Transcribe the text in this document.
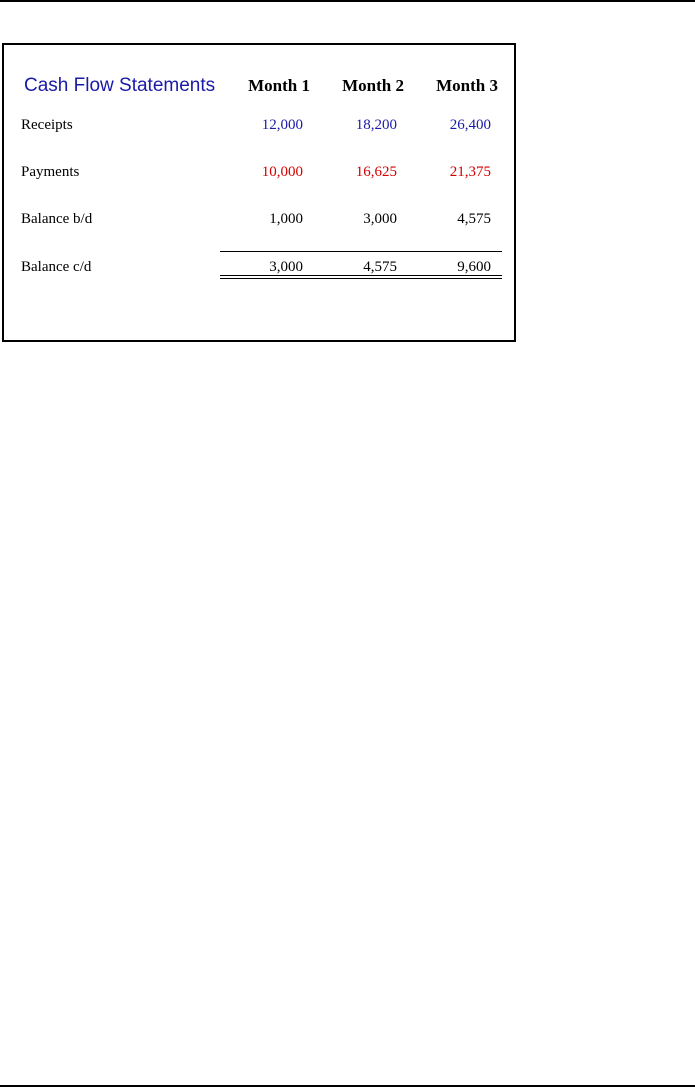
Cash Flow Statements	Month 1	Month 2	Month 3
Receipts	12,000	18,200	26,400
Payments	10,000	16,625	21,375
Balance b/d	1,000	3,000	4,575
Balance c/d	3,000	4,575	9,600
